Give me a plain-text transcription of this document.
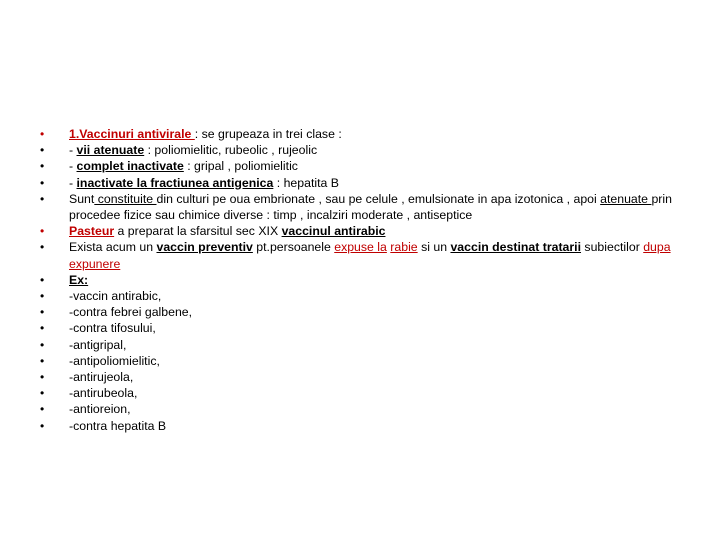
• 1.Vaccinuri antivirale : se grupeaza in trei clase :
• - vii atenuate : poliomielitic, rubeolic , rujeolic
• - complet inactivate : gripal , poliomielitic
• - inactivate la fractiunea antigenica : hepatita B
• Sunt constituite din culturi pe oua embrionate , sau pe celule , emulsionate in apa izotonica , apoi atenuate prin procedee fizice sau chimice diverse : timp , incalziri moderate , antiseptice
• Pasteur a preparat la sfarsitul sec XIX vaccinul antirabic
• Exista acum un vaccin preventiv pt.persoanele expuse la rabie si un vaccin destinat tratarii subiectilor dupa expunere
• Ex:
• -vaccin antirabic,
• -contra febrei galbene,
• -contra tifosului,
• -antigripal,
• -antipoliomielitic,
• -antirujeola,
• -antirubeola,
• -antioreion,
• -contra hepatita B
